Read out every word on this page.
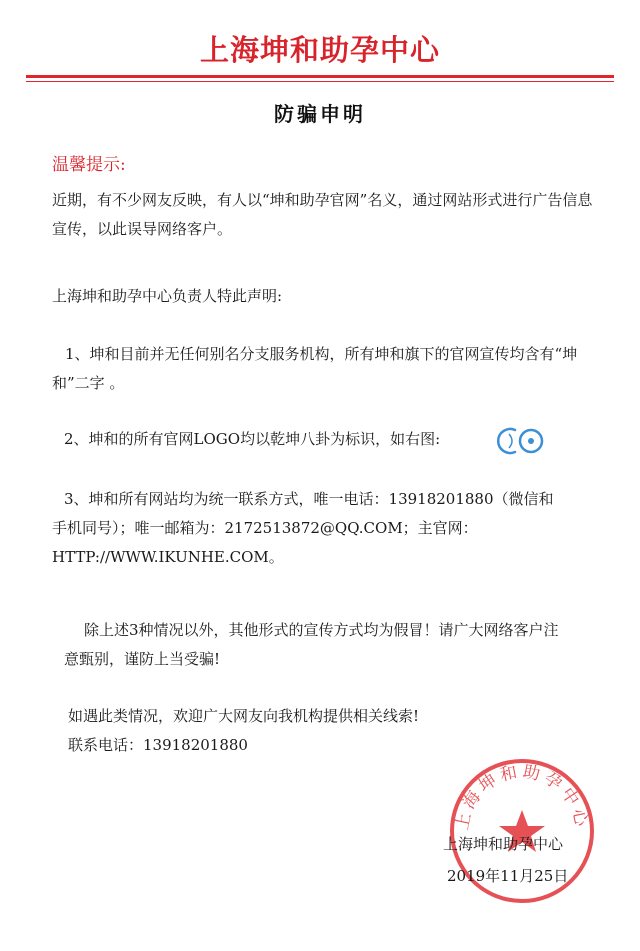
上海坤和助孕中心
防骗申明
温馨提示:

近期，有不少网友反映，有人以“坤和助孕官网”名义，通过网站形式进行广告信息宣传，以此误导网络客户。

上海坤和助孕中心负责人特此声明:

1、坤和目前并无任何别名分支服务机构，所有坤和旗下的官网宣传均含有“坤和”二字 。

2、坤和的所有官网LOGO均以乾坤八卦为标识，如右图:

3、坤和所有网站均为统一联系方式，唯一电话：13918201880（微信和
手机同号）；唯一邮箱为：2172513872@QQ.COM；主官网：
HTTP://WWW.IKUNHE.COM。

除上述3种情况以外，其他形式的宣传方式均为假冒！请广大网络客户注
意甄别，谨防上当受骗!

如遇此类情况，欢迎广大网友向我机构提供相关线索!

联系电话：13918201880

上海坤和助孕中心
上海坤和助孕中心
2019年11月25日
